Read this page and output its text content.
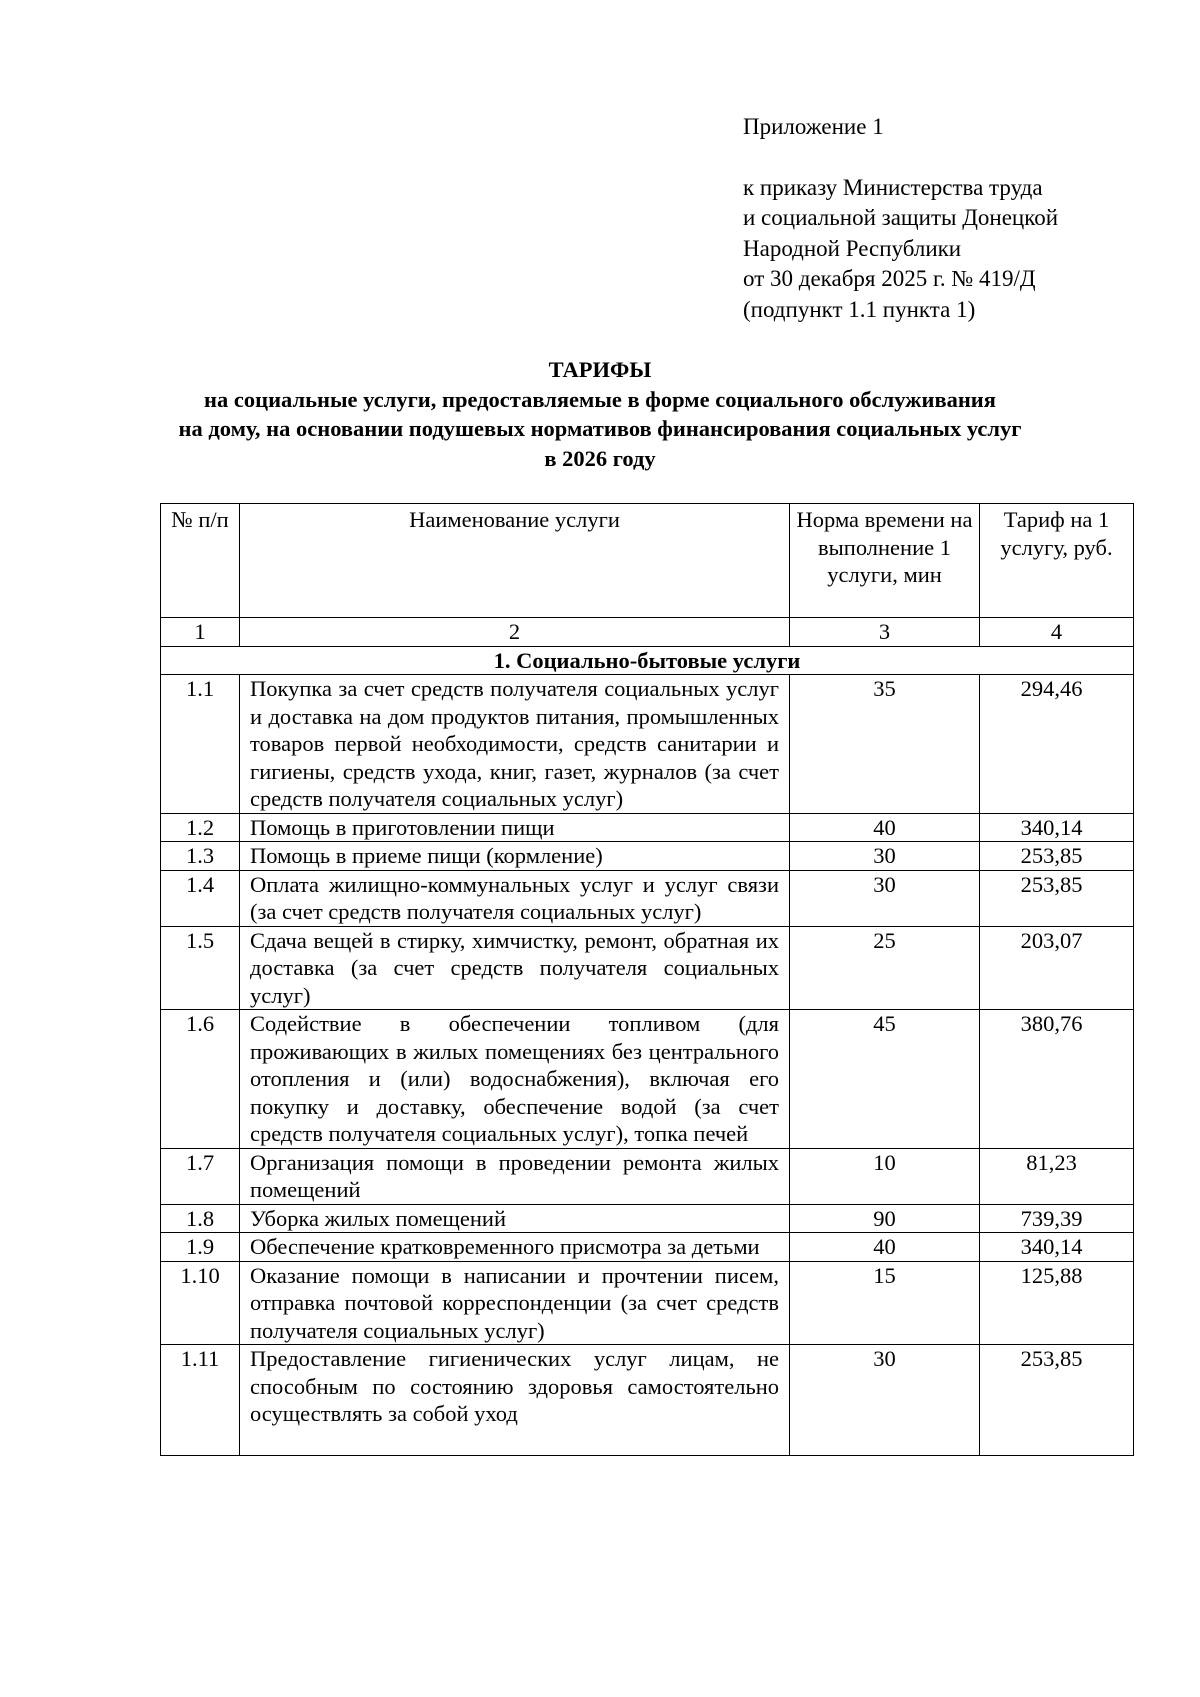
Приложение 1
к приказу Министерства труда
и социальной защиты Донецкой
Народной Республики
от 30 декабря 2025 г. № 419/Д
(подпункт 1.1 пункта 1)
ТАРИФЫ
на социальные услуги, предоставляемые в форме социального обслуживания
на дому, на основании подушевых нормативов финансирования социальных услуг
в 2026 году
№ п/п	Наименование услуги	Норма времени на выполнение 1 услуги, мин	Тариф на 1 услугу, руб.
1	2	3	4
1. Социально-бытовые услуги			
1.1	Покупка за счет средств получателя социальных услуг и доставка на дом продуктов питания, промышленных товаров первой необходимости, средств санитарии и гигиены, средств ухода, книг, газет, журналов (за счет средств получателя социальных услуг)	35	294,46
1.2	Помощь в приготовлении пищи	40	340,14
1.3	Помощь в приеме пищи (кормление)	30	253,85
1.4	Оплата жилищно-коммунальных услуг и услуг связи (за счет средств получателя социальных услуг)	30	253,85
1.5	Сдача вещей в стирку, химчистку, ремонт, обратная их доставка (за счет средств получателя социальных услуг)	25	203,07
1.6	Содействие в обеспечении топливом (для проживающих в жилых помещениях без центрального отопления и (или) водоснабжения), включая его покупку и доставку, обеспечение водой (за счет средств получателя социальных услуг), топка печей	45	380,76
1.7	Организация помощи в проведении ремонта жилых помещений	10	81,23
1.8	Уборка жилых помещений	90	739,39
1.9	Обеспечение кратковременного присмотра за детьми	40	340,14
1.10	Оказание помощи в написании и прочтении писем, отправка почтовой корреспонденции (за счет средств получателя социальных услуг)	15	125,88
1.11	Предоставление гигиенических услуг лицам, не способным по состоянию здоровья самостоятельно осуществлять за собой уход	30	253,85
